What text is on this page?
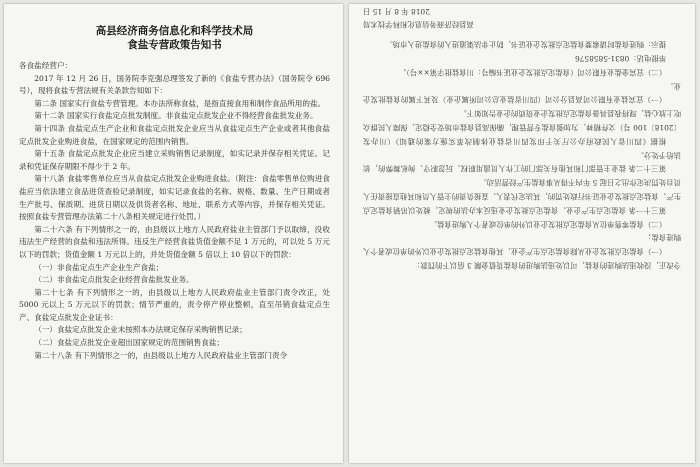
高县经济商务信息化和科学技术局
食盐专营政策告知书

各食盐经营户：

2017 年 12 月 26 日，国务院李克强总理签发了新的《食盐专营办法》（国务院令 696 号），现将食盐专营法规有关条款告知如下：

第二条 国家实行食盐专营管理。本办法所称食盐，是指直接食用和制作食品所用的盐。

第十二条 国家实行食盐定点批发制度。非食盐定点批发企业不得经营食盐批发业务。

第十四条 食盐定点生产企业和食盐定点批发企业应当从食盐定点生产企业或者其他食盐定点批发企业购进食盐，在国家规定的范围内销售。

第十五条 食盐定点批发企业应当建立采购销售记录制度，如实记录并保存相关凭证。记录和凭证保存期限不得少于 2 年。

第十八条 食盐零售单位应当从食盐定点批发企业购进食盐。（附注：食盐零售单位购进食盐应当依法建立食品进货查验记录制度，如实记录食盐的名称、规格、数量、生产日期或者生产批号、保质期、进货日期以及供货者名称、地址、联系方式等内容，并保存相关凭证。按照食盐专营管理办法第二十八条相关规定进行处罚。）

第二十六条 有下列情形之一的，由县级以上地方人民政府盐业主管部门予以取缔，没收违法生产经营的食盐和违法所得。违反生产经营食盐货值金额不足 1 万元的，可以处 5 万元以下的罚款；货值金额 1 万元以上的，并处货值金额 5 倍以上 10 倍以下的罚款：

（一）非食盐定点生产企业生产食盐；

（二）非食盐定点批发企业经营食盐批发业务。

第二十七条 有下列情形之一的，由县级以上地方人民政府盐业主管部门责令改正，处 5000 元以上 5 万元以下的罚款；情节严重的，责令停产停业整顿，直至吊销食盐定点生产、食盐定点批发企业证书：

（一）食盐定点批发企业未按照本办法规定保存采购销售记录；

（二）食盐定点批发企业超出国家规定的范围销售食盐；

第二十八条 有下列情形之一的，由县级以上地方人民政府盐业主管部门责令

令改正，没收违法购进的食盐，可以处违法购进的食盐货值金额 3 倍以下的罚款：

（一）食盐定点批发企业从除食盐定点生产企业、其他食盐定点批发企业以外的单位或者个人购进食盐；

（二）食盐零售单位从食盐定点批发企业以外的单位或者个人购进食盐。

第三十一条 食盐定点生产企业、食盐定点批发企业违反本办法的规定，被处以吊销食盐定点生产、食盐定点批发企业证书行政处罚的，其法定代表人、直接负责的主管人员和其他直接责任人员自处罚决定作出之日起 5 年内不得从事食盐生产经营活动。

第三十二条 盐业主管部门和其他有关部门的工作人员滥用职权、玩忽职守、徇私舞弊的，依法给予处分。

根据《四川省人民政府办公厅关于印发四川省盐业体制改革实施方案的通知》（川办发〔2018〕100 号）文件精神，为加强食盐专营管理，确保高县食盐市场安全稳定，保障人民群众吃上放心盐，现将我县具备食盐定点批发企业资质的企业告知如下。

（一）宜宾盐业有限公司高县分公司（四川省盐业总公司所属企业）及其下属的食盐批发企业。

（二）宜宾金盐业有限公司（食盐定点批发企业证书编号：川食盐批字第××号）。

举报电话：0831-5858576

提示：购进食盐时请索要食盐定点批发企业证书，防止非法渠道进入的食盐进入市场。

高县经济商务信息化和科学技术局
2018 年 8 月 15 日
